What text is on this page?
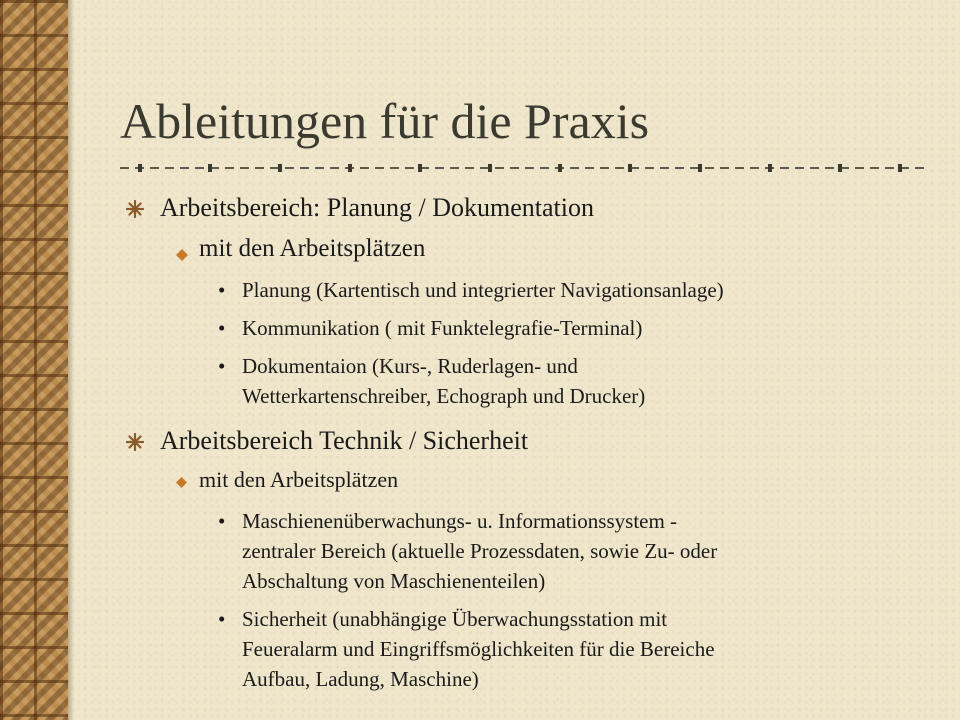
Ableitungen für die Praxis
Arbeitsbereich: Planung / Dokumentation
mit den Arbeitsplätzen
• Planung (Kartentisch und integrierter Navigationsanlage)
• Kommunikation ( mit Funktelegrafie-Terminal)
• Dokumentaion (Kurs-, Ruderlagen- und
Wetterkartenschreiber, Echograph und Drucker)
Arbeitsbereich Technik / Sicherheit
mit den Arbeitsplätzen
• Maschienenüberwachungs- u. Informationssystem -
zentraler Bereich (aktuelle Prozessdaten, sowie Zu- oder
Abschaltung von Maschienenteilen)
• Sicherheit (unabhängige Überwachungsstation mit
Feueralarm und Eingriffsmöglichkeiten für die Bereiche
Aufbau, Ladung, Maschine)
